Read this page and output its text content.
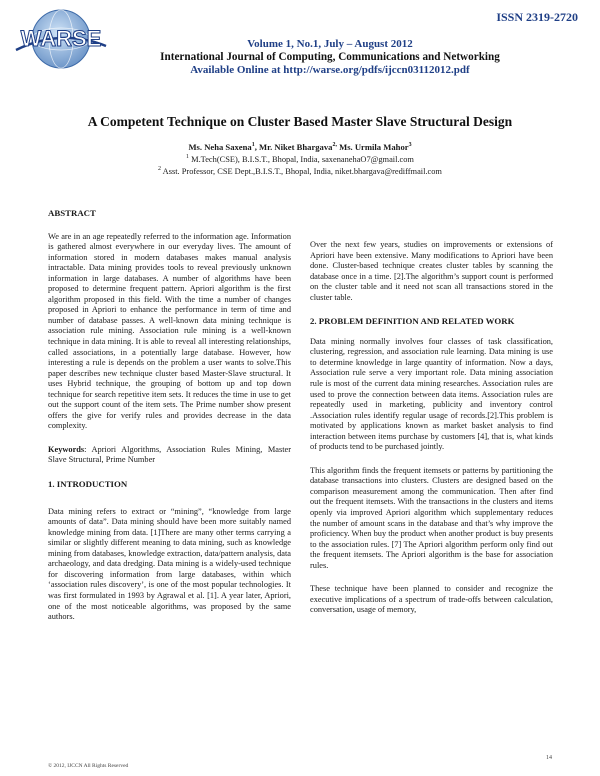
WARSE
ISSN 2319-2720
Volume 1, No.1, July – August 2012
International Journal of Computing, Communications and Networking
Available Online at http://warse.org/pdfs/ijccn03112012.pdf
A Competent Technique on Cluster Based Master Slave Structural Design
Ms. Neha Saxena$^1$, Mr. Niket Bhargava$^{2,}$ Ms. Urmila Mahor$^3$
$^1$ M.Tech(CSE), B.I.S.T., Bhopal, India, saxenanehaO7@gmail.com
$^2$ Asst. Professor, CSE Dept.,B.I.S.T., Bhopal, India, niket.bhargava@rediffmail.com

ABSTRACT

We are in an age repeatedly referred to the information age. Information is gathered almost everywhere in our everyday lives. The amount of information stored in modern databases makes manual analysis intractable. Data mining provides tools to reveal previously unknown information in large databases. A number of algorithms have been proposed to determine frequent pattern. Apriori algorithm is the first algorithm proposed in this field. With the time a number of changes proposed in Apriori to enhance the performance in term of time and number of database passes. A well-known data mining technique is association rule mining. Association rule mining is a well-known technique in data mining. It is able to reveal all interesting relationships, called associations, in a potentially large database. However, how interesting a rule is depends on the problem a user wants to solve.This paper describes new technique cluster based Master-Slave structural. It uses Hybrid technique, the grouping of bottom up and top down technique for search repetitive item sets. It reduces the time in use to get out the support count of the item sets. The Prime number show present offers the give for verify rules and provides decrease in the data complexity.

Keywords: Apriori Algorithms, Association Rules Mining, Master Slave Structural, Prime Number

1. INTRODUCTION

Data mining refers to extract or “mining”, “knowledge from large amounts of data”. Data mining should have been more suitably named knowledge mining from data. [1]There are many other terms carrying a similar or slightly different meaning to data mining, such as knowledge mining from databases, knowledge extraction, data/pattern analysis, data archaeology, and data dredging. Data mining is a widely-used technique for discovering information from large databases, within which ‘association rules discovery’, is one of the most popular technologies. It was first formulated in 1993 by Agrawal et al. [1]. A year later, Apriori, one of the most noticeable algorithms, was proposed by the same authors.

Over the next few years, studies on improvements or extensions of Apriori have been extensive. Many modifications to Apriori have been done. Cluster-based technique creates cluster tables by scanning the database once in a time. [2].The algorithm’s support count is performed on the cluster table and it need not scan all transactions stored in the cluster table.

2. PROBLEM DEFINITION AND RELATED WORK

Data mining normally involves four classes of task classification, clustering, regression, and association rule learning. Data mining is use to determine knowledge in large quantity of information. Now a days, Association rule serve a very important role. Data mining association rule is most of the current data mining researches. Association rules are used to prove the connection between data items. Association rules are repeatedly used in marketing, publicity and inventory control .Association rules identify regular usage of records.[2].This problem is motivated by applications known as market basket analysis to find interaction between items purchase by customers [4], that is, what kinds of products tend to be purchased jointly.

This algorithm finds the frequent itemsets or patterns by partitioning the database transactions into clusters. Clusters are designed based on the comparison measurement among the communication. Then after find out the frequent itemsets. With the transactions in the clusters and items openly via improved Apriori algorithm which supplementary reduces the number of amount scans in the database and that’s why improve the proficiency. When buy the product when another product is buy presents to the association rules. [7] The Apriori algorithm perform only find out the frequent itemsets. The Apriori algorithm is the base for association rules.

These technique have been planned to consider and recognize the executive implications of a spectrum of trade-offs between calculation, conversation, usage of memory,

14
© 2012, IJCCN All Rights Reserved
